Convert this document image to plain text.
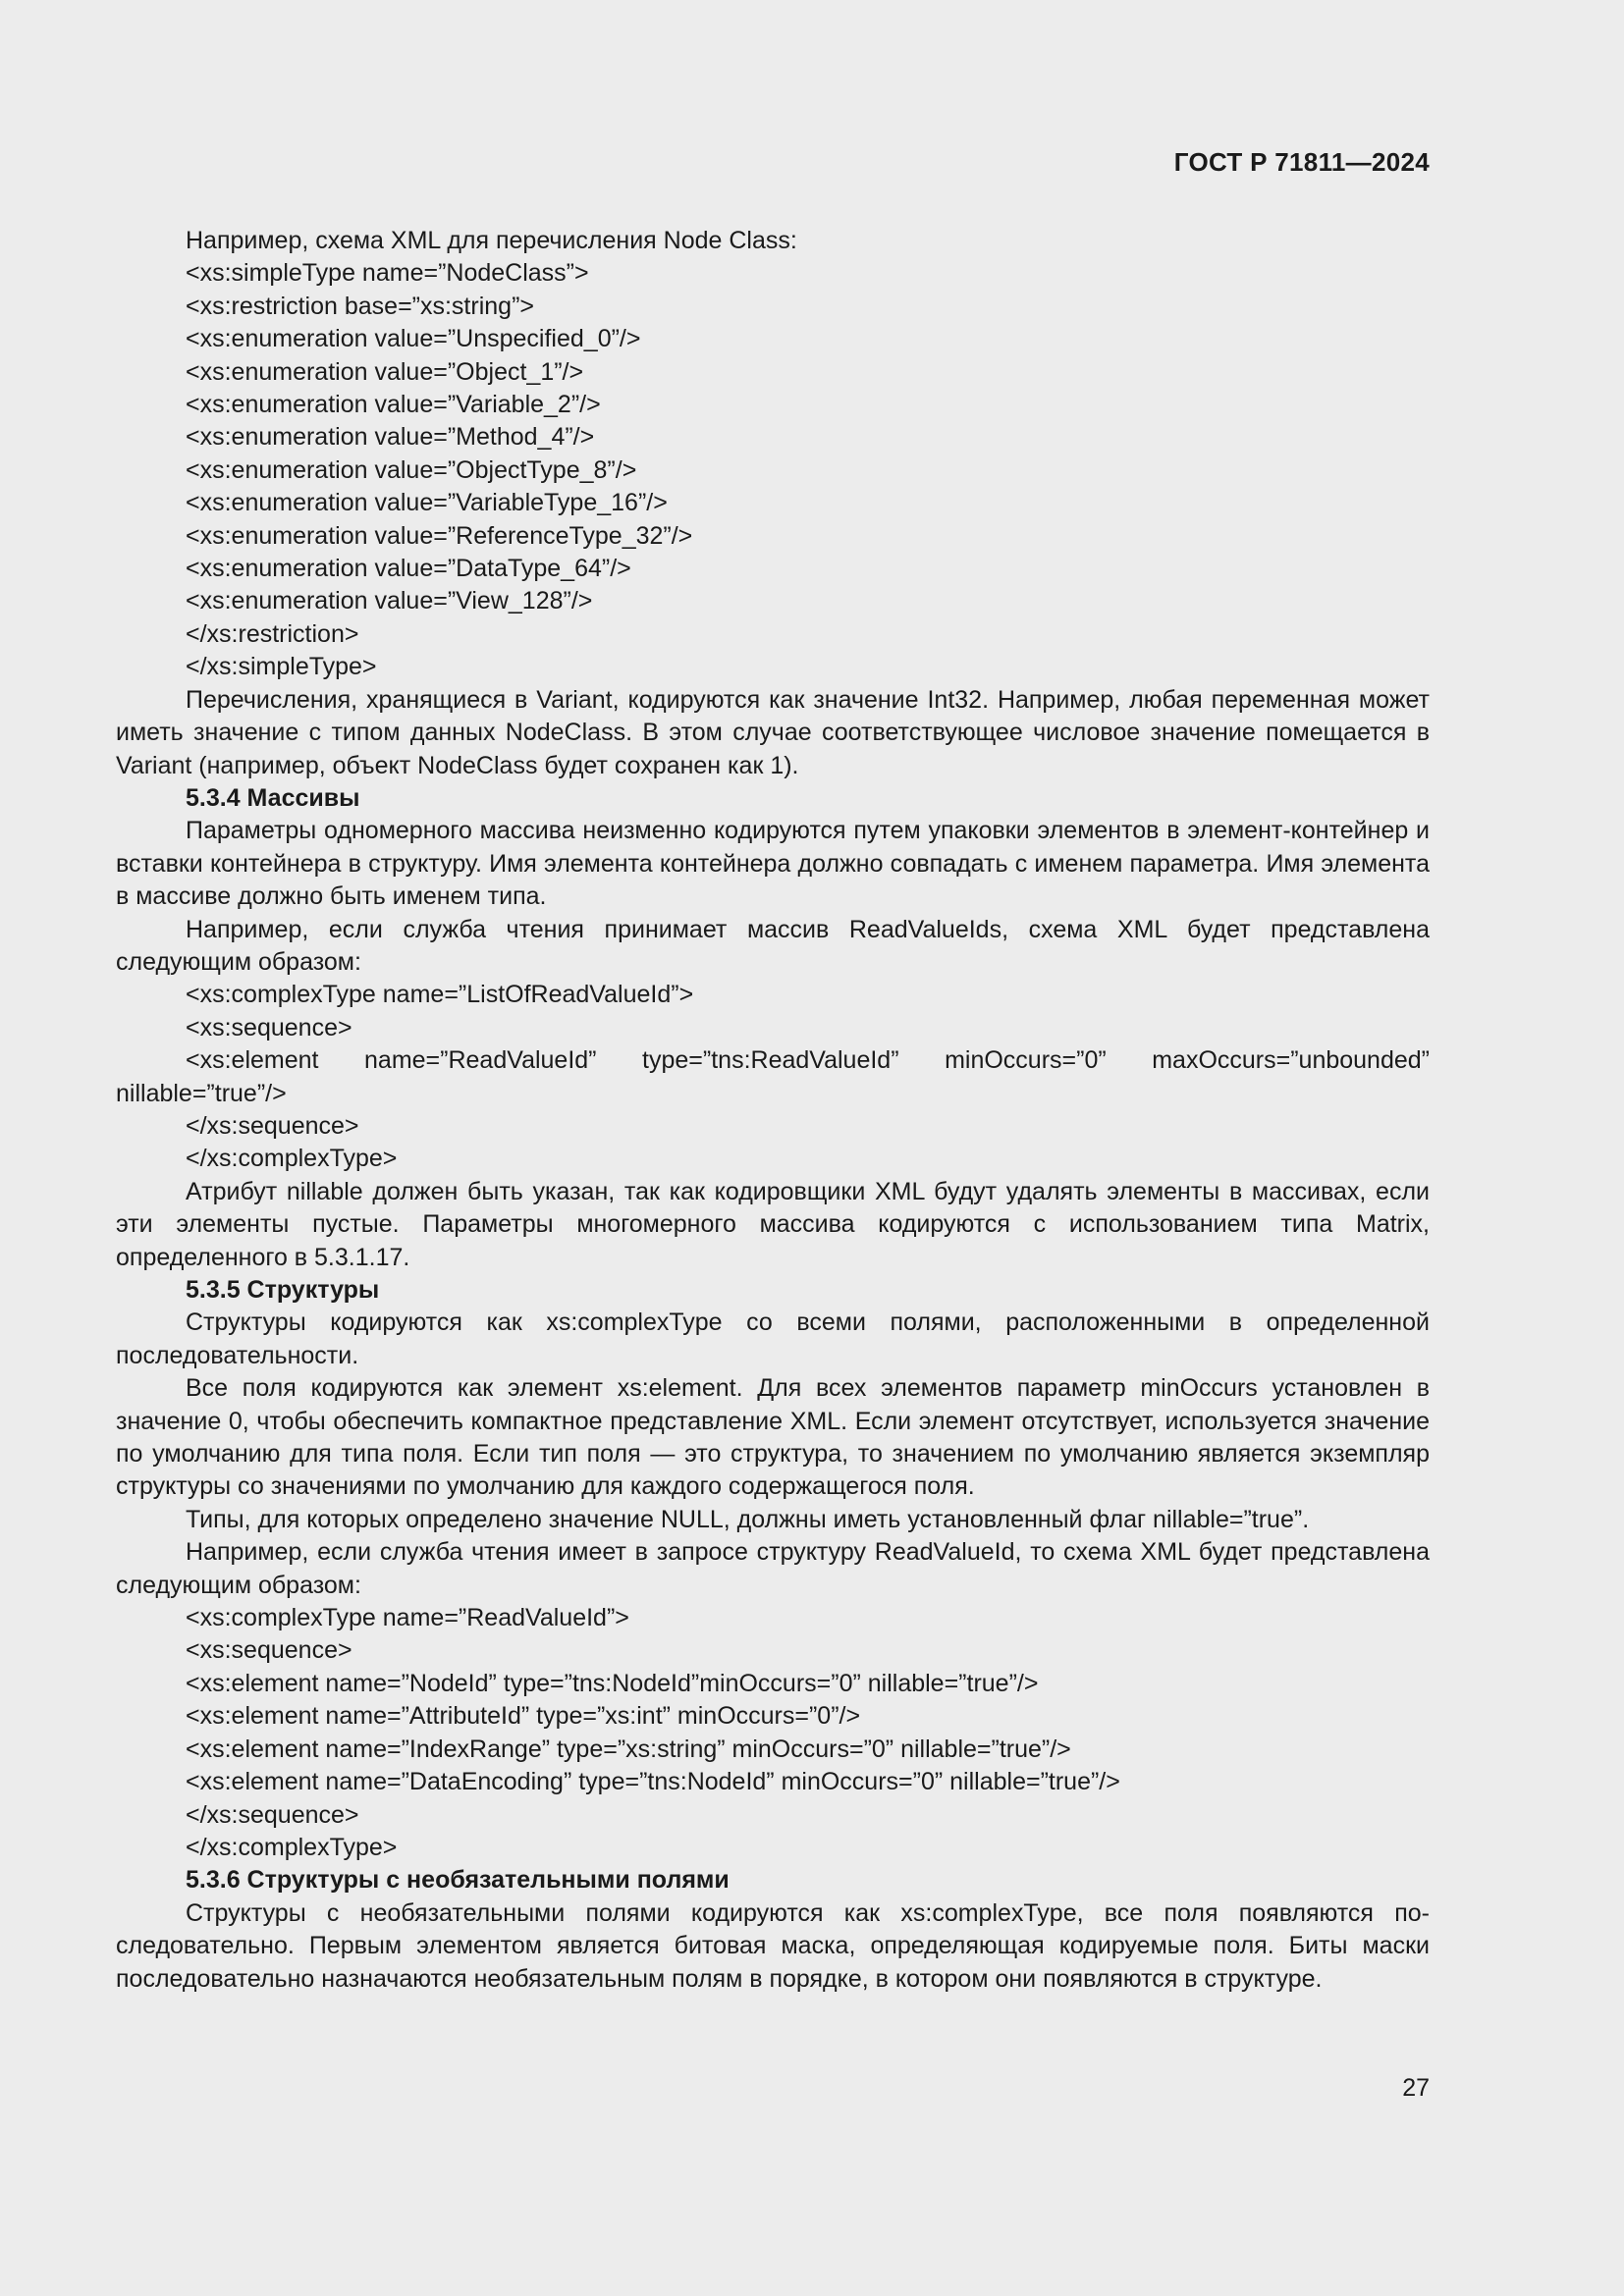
ГОСТ Р 71811—2024

Например, схема XML для перечисления Node Class:

<xs:simpleType name=”NodeClass”>

<xs:restriction base=”xs:string”>

<xs:enumeration value=”Unspecified_0”/>

<xs:enumeration value=”Object_1”/>

<xs:enumeration value=”Variable_2”/>

<xs:enumeration value=”Method_4”/>

<xs:enumeration value=”ObjectType_8”/>

<xs:enumeration value=”VariableType_16”/>

<xs:enumeration value=”ReferenceType_32”/>

<xs:enumeration value=”DataType_64”/>

<xs:enumeration value=”View_128”/>

</xs:restriction>

</xs:simpleType>

Перечисления, хранящиеся в Variant, кодируются как значение Int32. Например, любая переменная может иметь значение с типом данных NodeClass. В этом случае соответствующее числовое значение помещается в Variant (например, объект NodeClass будет сохранен как 1).

5.3.4 Массивы

Параметры одномерного массива неизменно кодируются путем упаковки элементов в элемент-контейнер и вставки контейнера в структуру. Имя элемента контейнера должно совпадать с именем параметра. Имя элемента в массиве должно быть именем типа.

Например, если служба чтения принимает массив ReadValueIds, схема XML будет представлена следующим образом:

<xs:complexType name=”ListOfReadValueId”>

<xs:sequence>

<xs:element name=”ReadValueId” type=”tns:ReadValueId” minOccurs=”0” maxOccurs=”unbounded” nillable=”true”/>

</xs:sequence>

</xs:complexType>

Атрибут nillable должен быть указан, так как кодировщики XML будут удалять элементы в массивах, если эти элементы пустые. Параметры многомерного массива кодируются с использованием типа Matrix, определенного в 5.3.1.17.

5.3.5 Структуры

Структуры кодируются как xs:complexType со всеми полями, расположенными в определенной последовательности.

Все поля кодируются как элемент xs:element. Для всех элементов параметр minOccurs установлен в значение 0, чтобы обеспечить компактное представление XML. Если элемент отсутствует, используется значение по умолчанию для типа поля. Если тип поля — это структура, то значением по умолчанию является экземпляр структуры со значениями по умолчанию для каждого содержащегося поля.

Типы, для которых определено значение NULL, должны иметь установленный флаг nillable=”true”.

Например, если служба чтения имеет в запросе структуру ReadValueId, то схема XML будет представлена следующим образом:

<xs:complexType name=”ReadValueId”>

<xs:sequence>

<xs:element name=”NodeId” type=”tns:NodeId”minOccurs=”0” nillable=”true”/>

<xs:element name=”AttributeId” type=”xs:int” minOccurs=”0”/>

<xs:element name=”IndexRange” type=”xs:string” minOccurs=”0” nillable=”true”/>

<xs:element name=”DataEncoding” type=”tns:NodeId” minOccurs=”0” nillable=”true”/>

</xs:sequence>

</xs:complexType>

5.3.6 Структуры с необязательными полями

Структуры с необязательными полями кодируются как xs:complexType, все поля появляются последовательно. Первым элементом является битовая маска, определяющая кодируемые поля. Биты маски последовательно назначаются необязательным полям в порядке, в котором они появляются в структуре.

27
